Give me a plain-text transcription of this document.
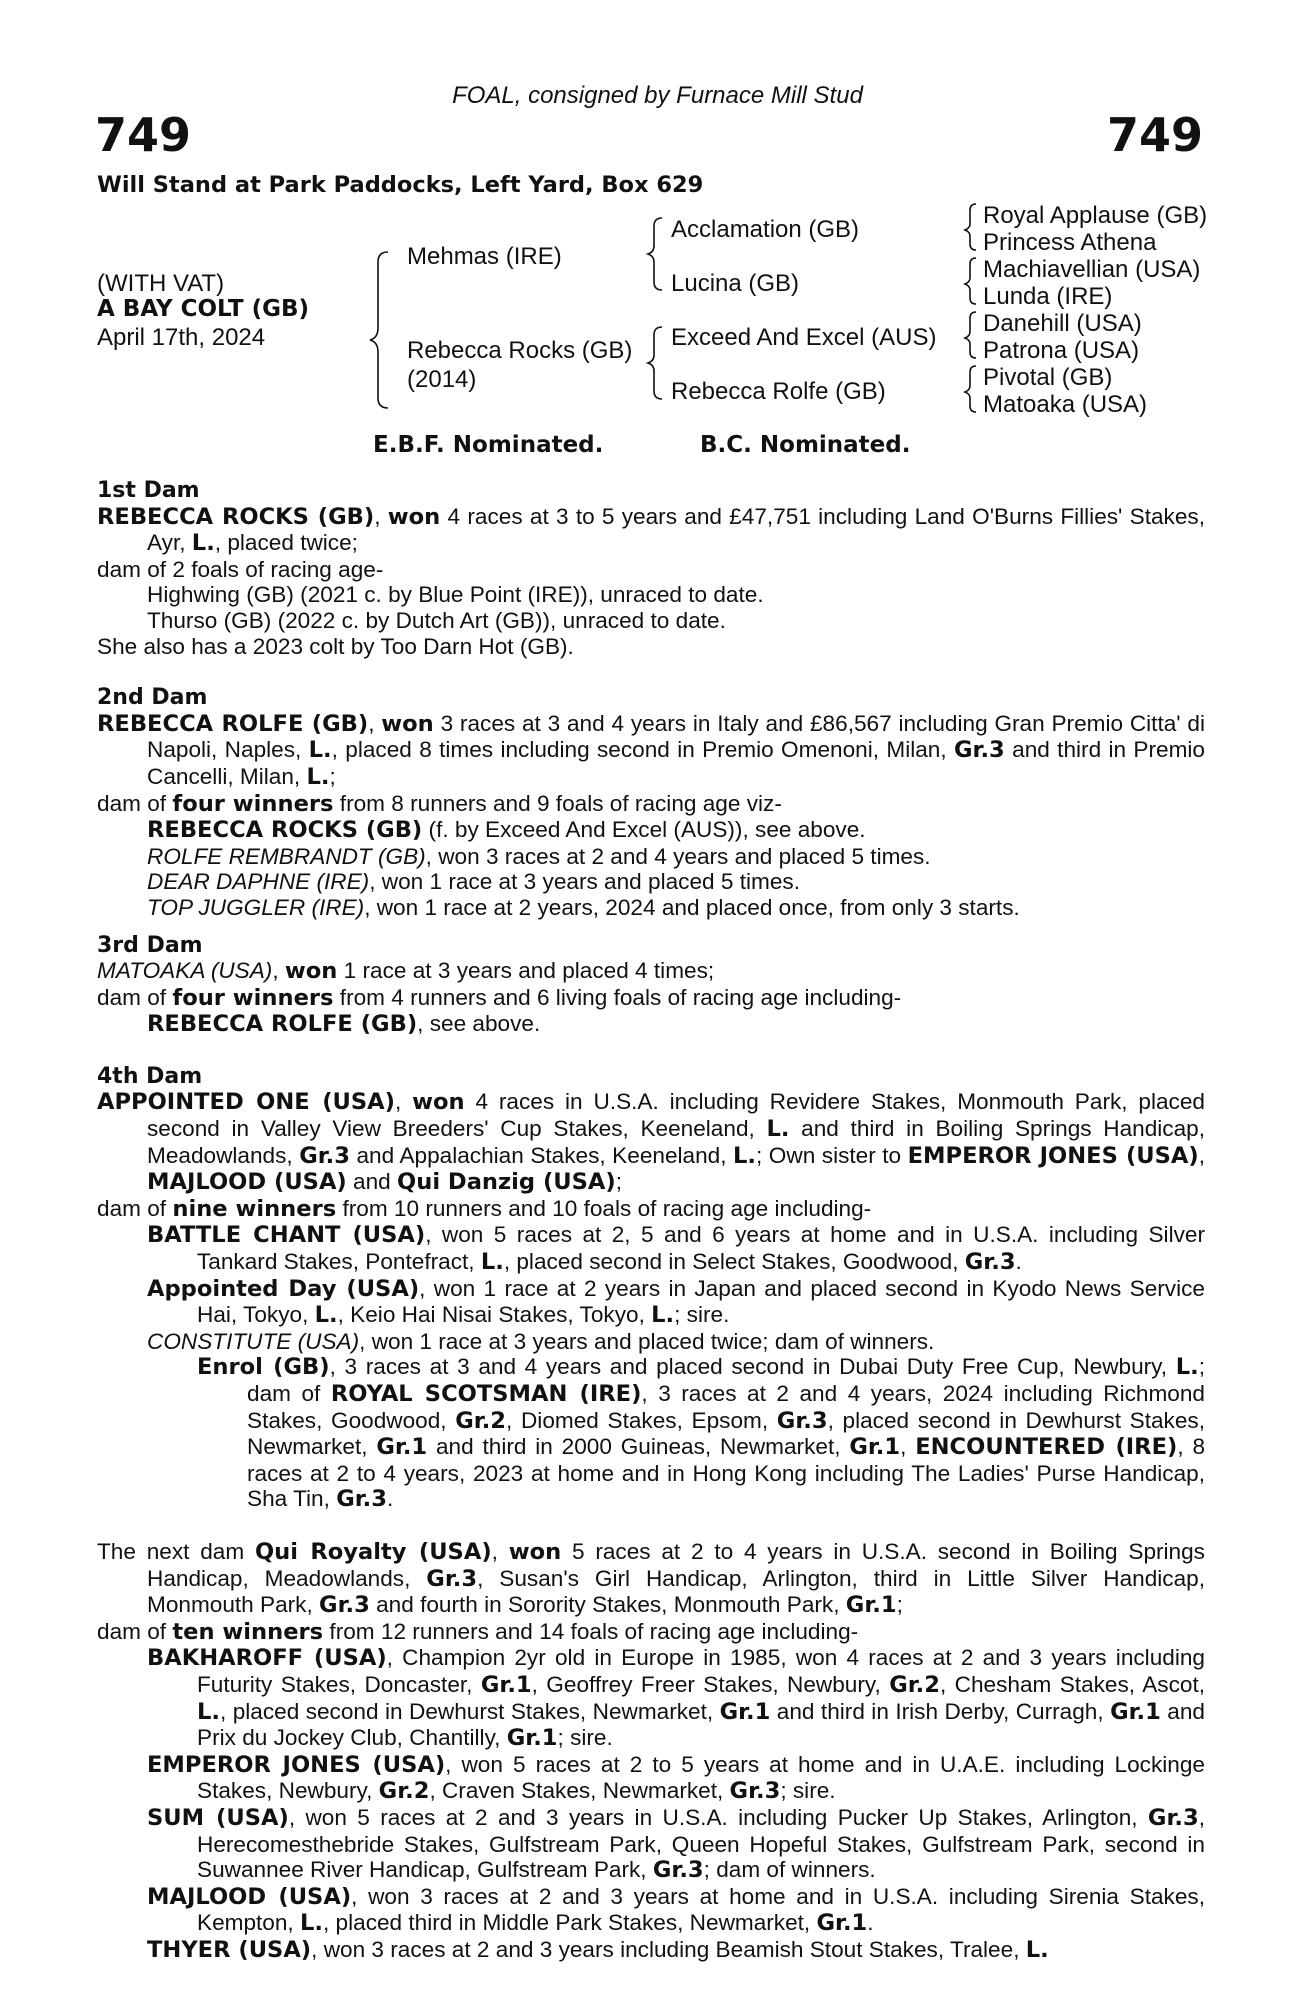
FOAL, consigned by Furnace Mill Stud
749	749
Will Stand at Park Paddocks, Left Yard, Box 629
(WITH VAT)
A BAY COLT (GB)
April 17th, 2024
Mehmas (IRE)
Rebecca Rocks (GB)
(2014)
Acclamation (GB)
Lucina (GB)
Exceed And Excel (AUS)
Rebecca Rolfe (GB)
Royal Applause (GB)
Princess Athena
Machiavellian (USA)
Lunda (IRE)
Danehill (USA)
Patrona (USA)
Pivotal (GB)
Matoaka (USA)
E.B.F. Nominated.	B.C. Nominated.

1st Dam

REBECCA ROCKS (GB), won 4 races at 3 to 5 years and £47,751 including Land O'Burns Fillies' Stakes, Ayr, L., placed twice;

dam of 2 foals of racing age-

Highwing (GB) (2021 c. by Blue Point (IRE)), unraced to date.

Thurso (GB) (2022 c. by Dutch Art (GB)), unraced to date.

She also has a 2023 colt by Too Darn Hot (GB).

2nd Dam

REBECCA ROLFE (GB), won 3 races at 3 and 4 years in Italy and £86,567 including Gran Premio Citta' di Napoli, Naples, L., placed 8 times including second in Premio Omenoni, Milan, Gr.3 and third in Premio Cancelli, Milan, L.;

dam of four winners from 8 runners and 9 foals of racing age viz-

REBECCA ROCKS (GB) (f. by Exceed And Excel (AUS)), see above.

ROLFE REMBRANDT (GB), won 3 races at 2 and 4 years and placed 5 times.

DEAR DAPHNE (IRE), won 1 race at 3 years and placed 5 times.

TOP JUGGLER (IRE), won 1 race at 2 years, 2024 and placed once, from only 3 starts.

3rd Dam

MATOAKA (USA), won 1 race at 3 years and placed 4 times;

dam of four winners from 4 runners and 6 living foals of racing age including-

REBECCA ROLFE (GB), see above.

4th Dam

APPOINTED ONE (USA), won 4 races in U.S.A. including Revidere Stakes, Monmouth Park, placed second in Valley View Breeders' Cup Stakes, Keeneland, L. and third in Boiling Springs Handicap, Meadowlands, Gr.3 and Appalachian Stakes, Keeneland, L.; Own sister to EMPEROR JONES (USA), MAJLOOD (USA) and Qui Danzig (USA);

dam of nine winners from 10 runners and 10 foals of racing age including-

BATTLE CHANT (USA), won 5 races at 2, 5 and 6 years at home and in U.S.A. including Silver Tankard Stakes, Pontefract, L., placed second in Select Stakes, Goodwood, Gr.3.

Appointed Day (USA), won 1 race at 2 years in Japan and placed second in Kyodo News Service Hai, Tokyo, L., Keio Hai Nisai Stakes, Tokyo, L.; sire.

CONSTITUTE (USA), won 1 race at 3 years and placed twice; dam of winners.

Enrol (GB), 3 races at 3 and 4 years and placed second in Dubai Duty Free Cup, Newbury, L.; dam of ROYAL SCOTSMAN (IRE), 3 races at 2 and 4 years, 2024 including Richmond Stakes, Goodwood, Gr.2, Diomed Stakes, Epsom, Gr.3, placed second in Dewhurst Stakes, Newmarket, Gr.1 and third in 2000 Guineas, Newmarket, Gr.1, ENCOUNTERED (IRE), 8 races at 2 to 4 years, 2023 at home and in Hong Kong including The Ladies' Purse Handicap, Sha Tin, Gr.3.

The next dam Qui Royalty (USA), won 5 races at 2 to 4 years in U.S.A. second in Boiling Springs Handicap, Meadowlands, Gr.3, Susan's Girl Handicap, Arlington, third in Little Silver Handicap, Monmouth Park, Gr.3 and fourth in Sorority Stakes, Monmouth Park, Gr.1;

dam of ten winners from 12 runners and 14 foals of racing age including-

BAKHAROFF (USA), Champion 2yr old in Europe in 1985, won 4 races at 2 and 3 years including Futurity Stakes, Doncaster, Gr.1, Geoffrey Freer Stakes, Newbury, Gr.2, Chesham Stakes, Ascot, L., placed second in Dewhurst Stakes, Newmarket, Gr.1 and third in Irish Derby, Curragh, Gr.1 and Prix du Jockey Club, Chantilly, Gr.1; sire.

EMPEROR JONES (USA), won 5 races at 2 to 5 years at home and in U.A.E. including Lockinge Stakes, Newbury, Gr.2, Craven Stakes, Newmarket, Gr.3; sire.

SUM (USA), won 5 races at 2 and 3 years in U.S.A. including Pucker Up Stakes, Arlington, Gr.3, Herecomesthebride Stakes, Gulfstream Park, Queen Hopeful Stakes, Gulfstream Park, second in Suwannee River Handicap, Gulfstream Park, Gr.3; dam of winners.

MAJLOOD (USA), won 3 races at 2 and 3 years at home and in U.S.A. including Sirenia Stakes, Kempton, L., placed third in Middle Park Stakes, Newmarket, Gr.1.

THYER (USA), won 3 races at 2 and 3 years including Beamish Stout Stakes, Tralee, L.
